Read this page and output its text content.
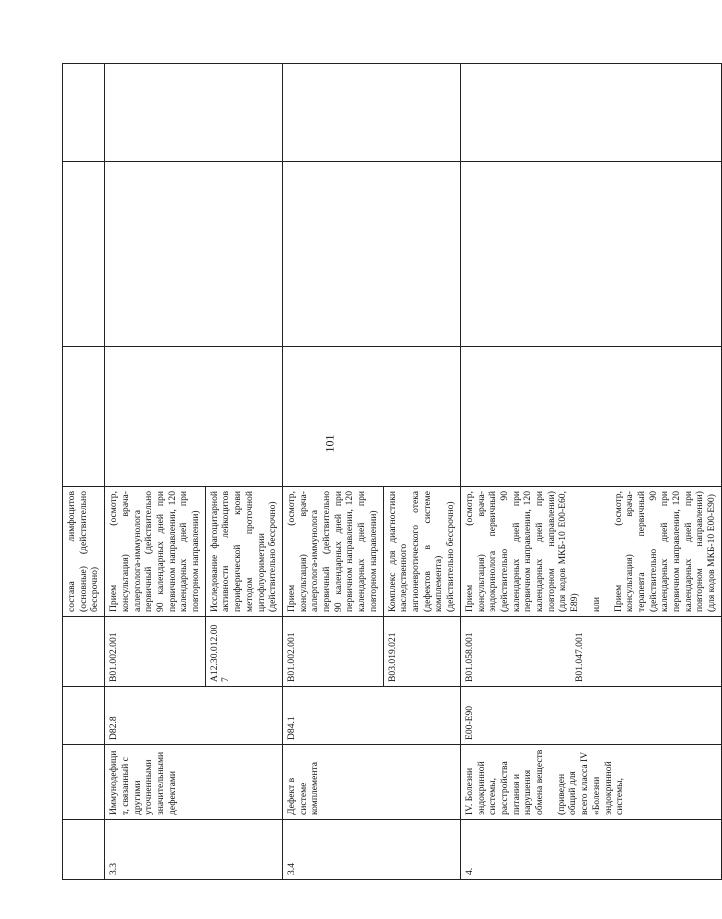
101
				состава лимфоцитов (основные) (действительно бессрочно)			
3.3	Иммунодефицит, связанный с другими уточненными значительными дефектами	D82.8	B01.002.001	Прием (осмотр, консультация) врача-аллерголога-иммунолога первичный (действительно 90 календарных дней при первичном направлении, 120 календарных дней при повторном направлении)			
			A12.30.012.007	Исследование фагоцитарной активности лейкоцитов периферической крови методом проточной цитофлуориметрии (действительно бессрочно)			
3.4	Дефект в системе комплемента	D84.1	B01.002.001	Прием (осмотр, консультация) врача-аллерголога-иммунолога первичный (действительно 90 календарных дней при первичном направлении, 120 календарных дней при повторном направлении)			
			B03.019.021	Комплекс для диагностики наследственного ангионевротического отека (дефектов в системе комплемента) (действительно бессрочно)			
4.	IV. Болезни эндокринной системы, расстройства питания и нарушения обмена веществ (приведен общий для всего класса IV «Болезни эндокринной системы,	E00-E90	B01.058.001 B01.047.001	Прием (осмотр, консультация) врача-эндокринолога первичный (действительно 90 календарных дней при первичном направлении, 120 календарных дней при повторном направлении) (для кодов МКБ-10 E00-E60, E89) или Прием (осмотр, консультация) врача-терапевта первичный (действительно 90 календарных дней при первичном направлении, 120 календарных дней при повторном направлении) (для кодов МКБ-10 E00-E90)			
